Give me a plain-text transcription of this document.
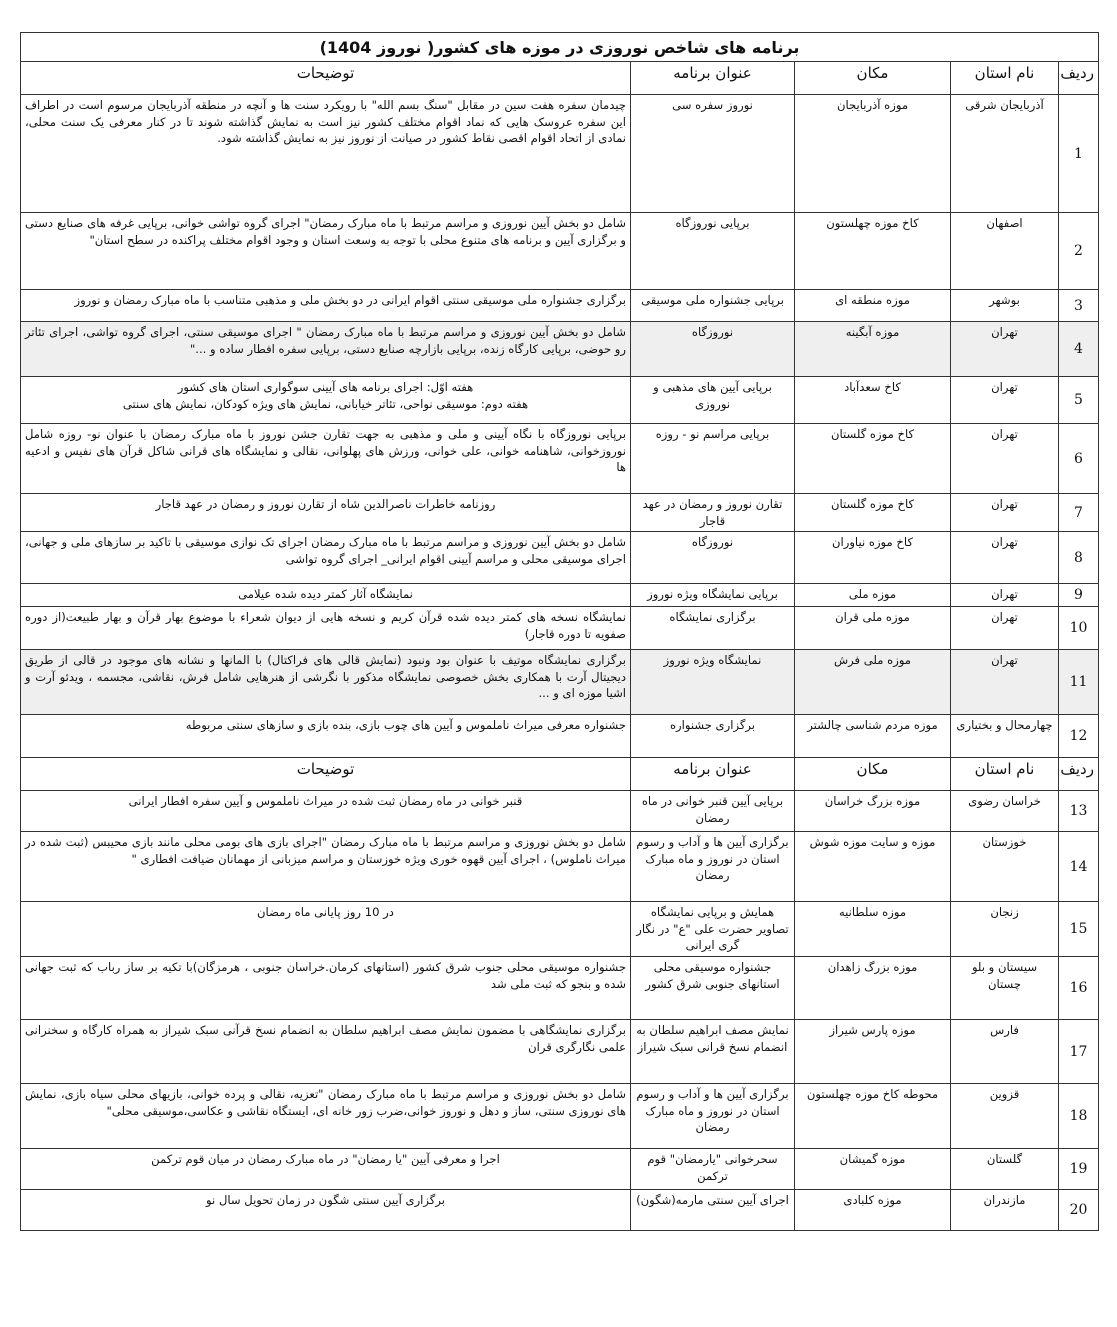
برنامه های شاخص نوروزی در موزه های کشور( نوروز 1404)				
ردیف	نام استان	مکان	عنوان برنامه	توضیحات
1	آذربایجان شرقی	موزه آذربایجان	نوروز سفره سی	چیدمان سفره هفت سین در مقابل "سنگ بسم الله" با رویکرد سنت ها و آنچه در منطقه آذربایجان مرسوم است در اطراف این سفره عروسک هایی که نماد اقوام مختلف کشور نیز است به نمایش گذاشته شوند تا در کنار معرفی یک سنت محلی، نمادی از اتحاد اقوام اقصی نقاط کشور در صیانت از نوروز نیز به نمایش گذاشته شود.
2	اصفهان	کاخ موزه چهلستون	برپایی نوروزگاه	شامل دو بخش آیین نوروزی و مراسم مرتبط با ماه مبارک رمضان" اجرای گروه تواشی خوانی، برپایی غرفه های صنایع دستی و برگزاری آیین و برنامه های متنوع محلی با توجه به وسعت استان و وجود اقوام مختلف پراکنده در سطح استان"
3	بوشهر	موزه منطقه ای	برپایی جشنواره ملی موسیقی	برگزاری جشنواره ملی موسیقی سنتی اقوام ایرانی در دو بخش ملی و مذهبی متناسب با ماه مبارک رمضان و نوروز
4	تهران	موزه آبگینه	نوروزگاه	شامل دو بخش آیین نوروزی و مراسم مرتبط با ماه مبارک رمضان " اجرای موسیقی سنتی، اجرای گروه تواشی، اجرای تئاتر رو حوضی، برپایی کارگاه زنده، برپایی بازارچه صنایع دستی، برپایی سفره افطار ساده و ..."
5	تهران	کاخ سعدآباد	برپایی آیین های مذهبی و نوروزی	هفته اوّل: اجرای برنامه های آیینی سوگواری استان های کشور
هفته دوم: موسیقی نواحی، تئاتر خیابانی، نمایش های ویژه کودکان، نمایش های سنتی
6	تهران	کاخ موزه گلستان	برپایی مراسم نو - روزه	برپایی نوروزگاه با نگاه آیینی و ملی و مذهبی به جهت تقارن جشن نوروز با ماه مبارک رمضان با عنوان نو- روزه شامل نوروزخوانی، شاهنامه خوانی، علی خوانی، ورزش های پهلوانی، نقالی و نمایشگاه های قرانی شاکل قرآن های نفیس و ادعیه ها
7	تهران	کاخ موزه گلستان	تقارن نوروز و رمضان در عهد قاجار	روزنامه خاطرات ناصرالدین شاه از تقارن نوروز و رمضان در عهد قاجار
8	تهران	کاخ موزه نیاوران	نوروزگاه	شامل دو بخش آیین نوروزی و مراسم مرتبط با ماه مبارک رمضان اجرای تک نوازی موسیقی با تاکید بر سازهای ملی و جهانی، اجرای موسیقی محلی و مراسم آیینی اقوام ایرانی_ اجرای گروه تواشی
9	تهران	موزه ملی	برپایی نمایشگاه ویژه نوروز	نمایشگاه آثار کمتر دیده شده عیلامی
10	تهران	موزه ملی قران	برگزاری نمایشگاه	نمایشگاه نسخه های کمتر دیده شده قرآن کریم و نسخه هایی از دیوان شعراء با موضوع بهار قرآن و بهار طبیعت(از دوره صفویه تا دوره قاجار)
11	تهران	موزه ملی فرش	نمایشگاه ویژه نوروز	برگزاری نمایشگاه موتیف با عنوان بود ونبود (نمایش قالی های فراکتال) با المانها و نشانه های موجود در قالی از طریق دیجیتال آرت با همکاری بخش خصوصی نمایشگاه مذکور با نگرشی از هنرهایی شامل فرش، نقاشی، مجسمه ، ویدئو آرت و اشیا موزه ای و ...
12	چهارمحال و بختیاری	موزه مردم شناسی چالشتر	برگزاری جشنواره	جشنواره معرفی میراث ناملموس و آیین های چوب بازی، بنده بازی و سازهای سنتی مربوطه
ردیف	نام استان	مکان	عنوان برنامه	توضیحات
13	خراسان رضوی	موزه بزرگ خراسان	برپایی آیین قنبر خوانی در ماه رمضان	قنبر خوانی در ماه رمضان ثبت شده در میراث ناملموس و آیین سفره افطار ایرانی
14	خوزستان	موزه و سایت موزه شوش	برگزاری آیین ها و آداب و رسوم استان در نوروز و ماه مبارک رمضان	شامل دو بخش نوروزی و مراسم مرتبط با ماه مبارک رمضان "اجرای بازی های بومی محلی مانند بازی محیبس (ثبت شده در میراث ناملوس) ، اجرای آیین قهوه خوری ویژه خوزستان و مراسم میزبانی از مهمانان ضیافت افطاری "
15	زنجان	موزه سلطانیه	همایش و برپایی نمایشگاه تصاویر حضرت علی "ع" در نگار گری ایرانی	در 10 روز پایانی ماه رمضان
16	سیستان و بلو چستان	موزه بزرگ زاهدان	جشنواره موسیقی محلی استانهای جنوبی شرق کشور	جشنواره موسیقی محلی جنوب شرق کشور (استانهای کرمان.خراسان جنوبی ، هرمزگان)با تکیه بر ساز رباب که ثبت جهانی شده و بنجو که ثبت ملی شد
17	فارس	موزه پارس شیراز	نمایش مصف ابراهیم سلطان به انضمام نسخ قرانی سبک شیراز	برگزاری نمایشگاهی با مضمون نمایش مصف ابراهیم سلطان به انضمام نسخ قرآنی سبک شیراز به همراه کارگاه و سخنرانی علمی نگارگری قران
18	قزوین	محوطه کاخ موزه چهلستون	برگزاری آیین ها و آداب و رسوم استان در نوروز و ماه مبارک رمضان	شامل دو بخش نوروزی و مراسم مرتبط با ماه مبارک رمضان "تعزیه، نقالی و پرده خوانی، بازیهای محلی سیاه بازی، نمایش های نوروزی سنتی، ساز و دهل و نوروز خوانی،ضرب زور خانه ای، ایستگاه نقاشی و عکاسی،موسیقی محلی"
19	گلستان	موزه گمیشان	سحرخوانی "یارمضان" قوم ترکمن	اجرا و معرفی آیین "یا رمضان" در ماه مبارک رمضان در میان قوم ترکمن
20	مازندران	موزه کلبادی	اجرای آیین سنتی مارمه(شگون)	برگزاری آیین سنتی شگون در زمان تحویل سال نو
